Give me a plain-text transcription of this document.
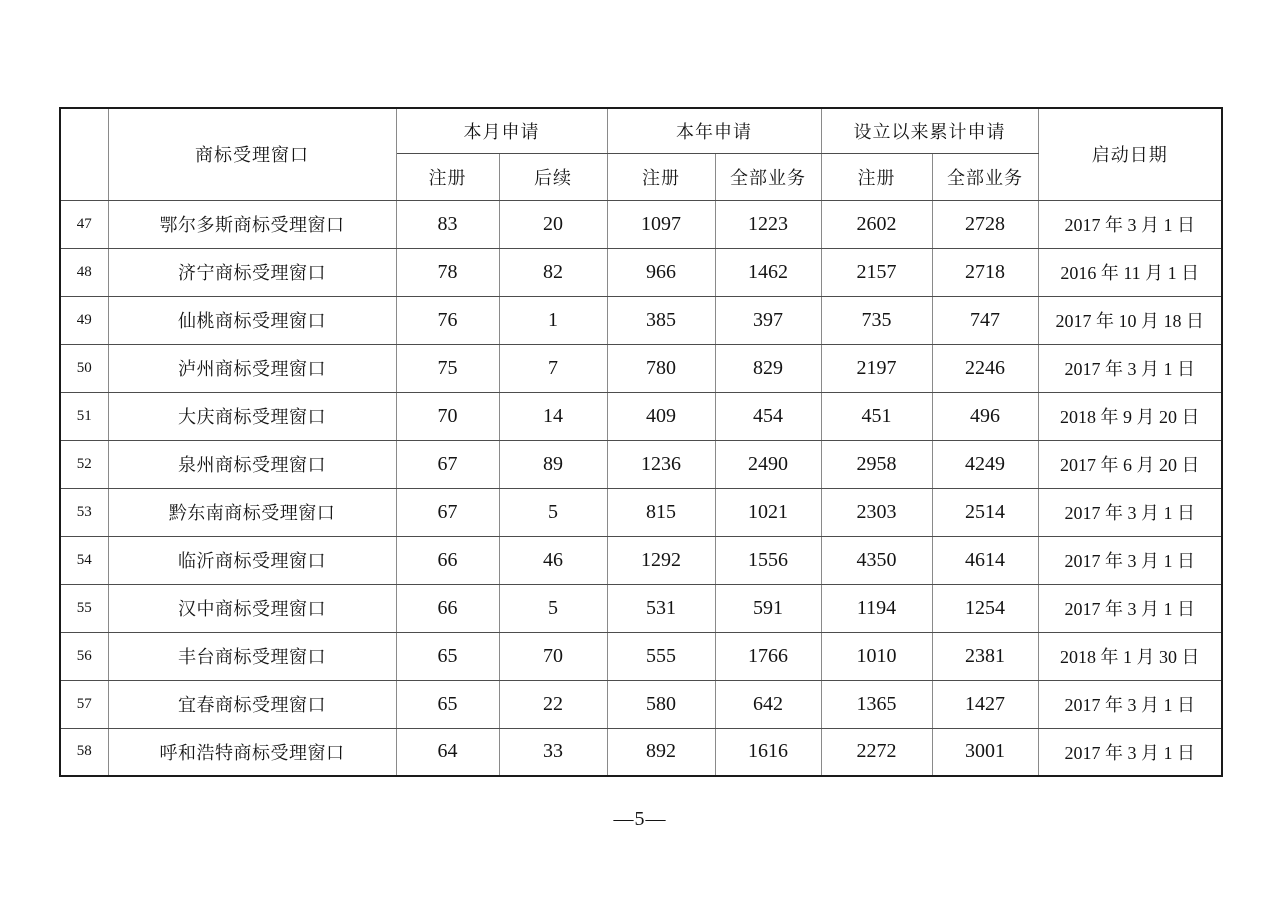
	商标受理窗口	本月申请		本年申请		设立以来累计申请		启动日期
		注册	后续	注册	全部业务	注册	全部业务	
47	鄂尔多斯商标受理窗口	83	20	1097	1223	2602	2728	2017 年 3 月 1 日
48	济宁商标受理窗口	78	82	966	1462	2157	2718	2016 年 11 月 1 日
49	仙桃商标受理窗口	76	1	385	397	735	747	2017 年 10 月 18 日
50	泸州商标受理窗口	75	7	780	829	2197	2246	2017 年 3 月 1 日
51	大庆商标受理窗口	70	14	409	454	451	496	2018 年 9 月 20 日
52	泉州商标受理窗口	67	89	1236	2490	2958	4249	2017 年 6 月 20 日
53	黔东南商标受理窗口	67	5	815	1021	2303	2514	2017 年 3 月 1 日
54	临沂商标受理窗口	66	46	1292	1556	4350	4614	2017 年 3 月 1 日
55	汉中商标受理窗口	66	5	531	591	1194	1254	2017 年 3 月 1 日
56	丰台商标受理窗口	65	70	555	1766	1010	2381	2018 年 1 月 30 日
57	宜春商标受理窗口	65	22	580	642	1365	1427	2017 年 3 月 1 日
58	呼和浩特商标受理窗口	64	33	892	1616	2272	3001	2017 年 3 月 1 日
—5—
